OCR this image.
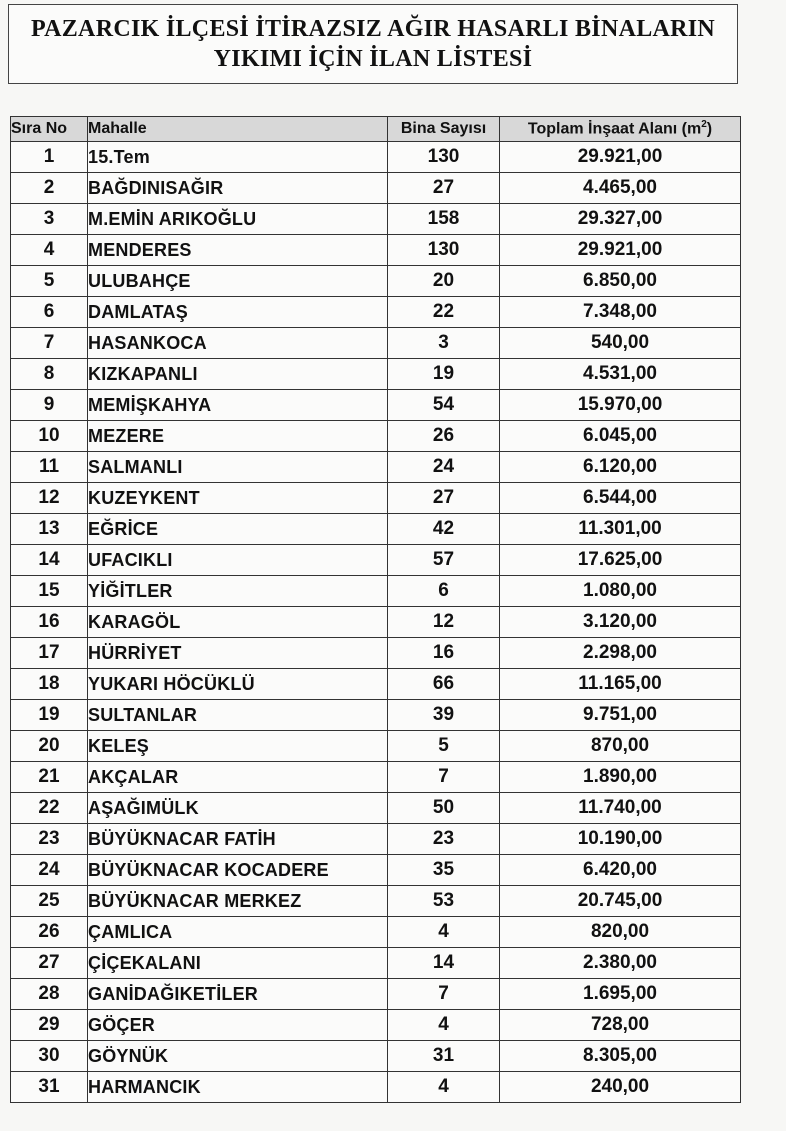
PAZARCIK İLÇESİ İTİRAZSIZ AĞIR HASARLI BİNALARIN
YIKIMI İÇİN İLAN LİSTESİ
Sıra No	Mahalle	Bina Sayısı	Toplam İnşaat Alanı $(m^2)$
1	15.Tem	130	29.921,00
2	BAĞDINISAĞIR	27	4.465,00
3	M.EMİN ARIKOĞLU	158	29.327,00
4	MENDERES	130	29.921,00
5	ULUBAHÇE	20	6.850,00
6	DAMLATAŞ	22	7.348,00
7	HASANKOCA	3	540,00
8	KIZKAPANLI	19	4.531,00
9	MEMİŞKAHYA	54	15.970,00
10	MEZERE	26	6.045,00
11	SALMANLI	24	6.120,00
12	KUZEYKENT	27	6.544,00
13	EĞRİCE	42	11.301,00
14	UFACIKLI	57	17.625,00
15	YİĞİTLER	6	1.080,00
16	KARAGÖL	12	3.120,00
17	HÜRRİYET	16	2.298,00
18	YUKARI HÖCÜKLÜ	66	11.165,00
19	SULTANLAR	39	9.751,00
20	KELEŞ	5	870,00
21	AKÇALAR	7	1.890,00
22	AŞAĞIMÜLK	50	11.740,00
23	BÜYÜKNACAR FATİH	23	10.190,00
24	BÜYÜKNACAR KOCADERE	35	6.420,00
25	BÜYÜKNACAR MERKEZ	53	20.745,00
26	ÇAMLICA	4	820,00
27	ÇİÇEKALANI	14	2.380,00
28	GANİDAĞIKETİLER	7	1.695,00
29	GÖÇER	4	728,00
30	GÖYNÜK	31	8.305,00
31	HARMANCIK	4	240,00
